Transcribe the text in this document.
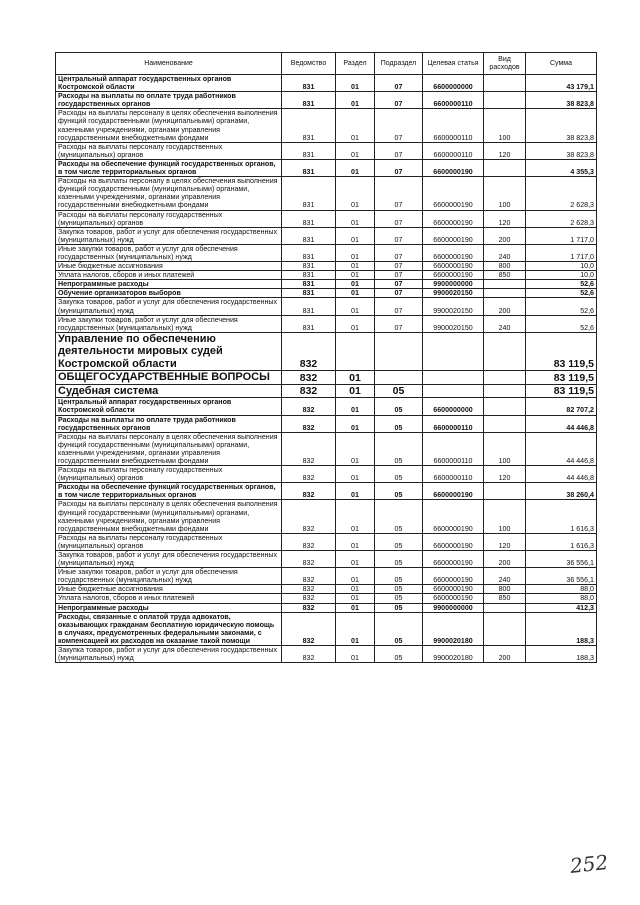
Наименование	Ведомство	Раздел	Подраздел	Целевая статья	Вид расходов	Сумма
Центральный аппарат государственных органов Костромской области	831	01	07	6600000000		43 179,1
Расходы на выплаты по оплате труда работников государственных органов	831	01	07	6600000110		38 823,8
Расходы на выплаты персоналу в целях обеспечения выполнения функций государственными (муниципальными) органами, казенными учреждениями, органами управления государственными внебюджетными фондами	831	01	07	6600000110	100	38 823,8
Расходы на выплаты персоналу государственных (муниципальных) органов	831	01	07	6600000110	120	38 823,8
Расходы на обеспечение функций государственных органов, в том числе территориальных органов	831	01	07	6600000190		4 355,3
Расходы на выплаты персоналу в целях обеспечения выполнения функций государственными (муниципальными) органами, казенными учреждениями, органами управления государственными внебюджетными фондами	831	01	07	6600000190	100	2 628,3
Расходы на выплаты персоналу государственных (муниципальных) органов	831	01	07	6600000190	120	2 628,3
Закупка товаров, работ и услуг для обеспечения государственных (муниципальных) нужд	831	01	07	6600000190	200	1 717,0
Иные закупки товаров, работ и услуг для обеспечения государственных (муниципальных) нужд	831	01	07	6600000190	240	1 717,0
Иные бюджетные ассигнования	831	01	07	6600000190	800	10,0
Уплата налогов, сборов и иных платежей	831	01	07	6600000190	850	10,0
Непрограммные расходы	831	01	07	9900000000		52,6
Обучение организаторов выборов	831	01	07	9900020150		52,6
Закупка товаров, работ и услуг для обеспечения государственных (муниципальных) нужд	831	01	07	9900020150	200	52,6
Иные закупки товаров, работ и услуг для обеспечения государственных (муниципальных) нужд	831	01	07	9900020150	240	52,6
Управление по обеспечению деятельности мировых судей Костромской области	832					83 119,5
ОБЩЕГОСУДАРСТВЕННЫЕ ВОПРОСЫ	832	01				83 119,5
Судебная система	832	01	05			83 119,5
Центральный аппарат государственных органов Костромской области	832	01	05	6600000000		82 707,2
Расходы на выплаты по оплате труда работников государственных органов	832	01	05	6600000110		44 446,8
Расходы на выплаты персоналу в целях обеспечения выполнения функций государственными (муниципальными) органами, казенными учреждениями, органами управления государственными внебюджетными фондами	832	01	05	6600000110	100	44 446,8
Расходы на выплаты персоналу государственных (муниципальных) органов	832	01	05	6600000110	120	44 446,8
Расходы на обеспечение функций государственных органов, в том числе территориальных органов	832	01	05	6600000190		38 260,4
Расходы на выплаты персоналу в целях обеспечения выполнения функций государственными (муниципальными) органами, казенными учреждениями, органами управления государственными внебюджетными фондами	832	01	05	6600000190	100	1 616,3
Расходы на выплаты персоналу государственных (муниципальных) органов	832	01	05	6600000190	120	1 616,3
Закупка товаров, работ и услуг для обеспечения государственных (муниципальных) нужд	832	01	05	6600000190	200	36 556,1
Иные закупки товаров, работ и услуг для обеспечения государственных (муниципальных) нужд	832	01	05	6600000190	240	36 556,1
Иные бюджетные ассигнования	832	01	05	6600000190	800	88,0
Уплата налогов, сборов и иных платежей	832	01	05	6600000190	850	88,0
Непрограммные расходы	832	01	05	9900000000		412,3
Расходы, связанные с оплатой труда адвокатов, оказывающих гражданам бесплатную юридическую помощь в случаях, предусмотренных федеральными законами, с компенсацией их расходов на оказание такой помощи	832	01	05	9900020180		188,3
Закупка товаров, работ и услуг для обеспечения государственных (муниципальных) нужд	832	01	05	9900020180	200	188,3
252
